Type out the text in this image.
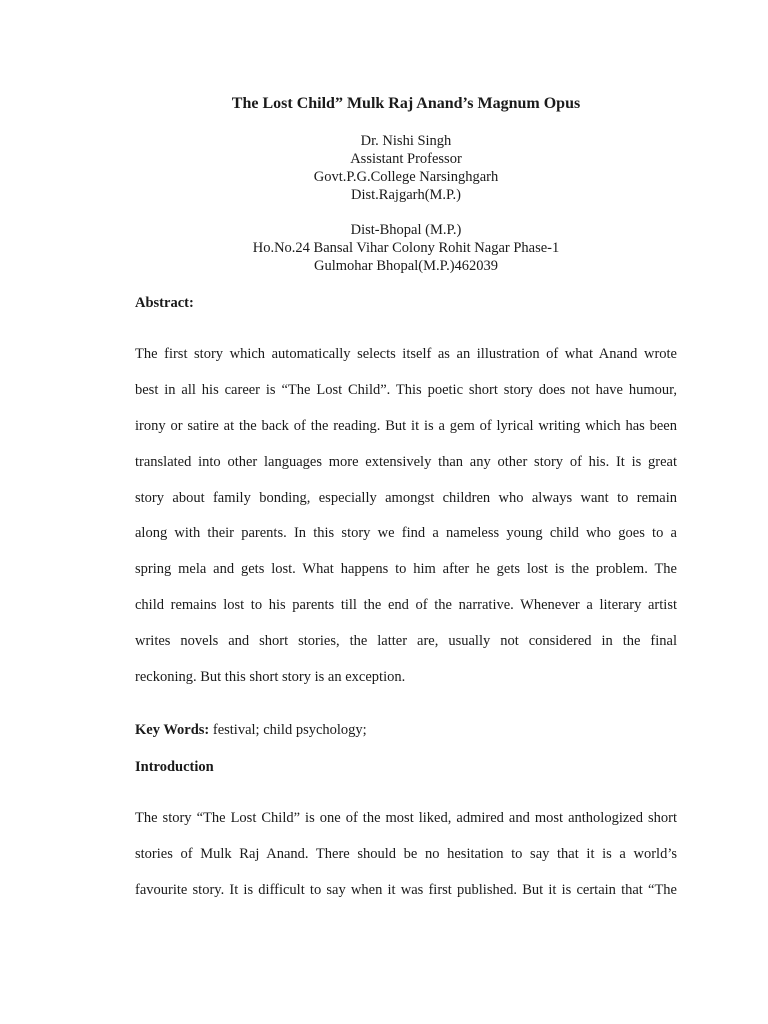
The Lost Child” Mulk Raj Anand’s Magnum Opus
Dr. Nishi Singh
Assistant Professor
Govt.P.G.College Narsinghgarh
Dist.Rajgarh(M.P.)
Dist-Bhopal (M.P.)
Ho.No.24 Bansal Vihar Colony Rohit Nagar Phase-1
Gulmohar Bhopal(M.P.)462039
Abstract:
The first story which automatically selects itself as an illustration of what Anand wrote
best in all his career is “The Lost Child”. This poetic short story does not have humour,
irony or satire at the back of the reading. But it is a gem of lyrical writing which has been
translated into other languages more extensively than any other story of his. It is great
story about family bonding, especially amongst children who always want to remain
along with their parents. In this story we find a nameless young child who goes to a
spring mela and gets lost. What happens to him after he gets lost is the problem. The
child remains lost to his parents till the end of the narrative. Whenever a literary artist
writes novels and short stories, the latter are, usually not considered in the final
reckoning. But this short story is an exception.
Key Words: festival; child psychology;
Introduction
The story “The Lost Child” is one of the most liked, admired and most anthologized short
stories of Mulk Raj Anand. There should be no hesitation to say that it is a world’s
favourite story. It is difficult to say when it was first published. But it is certain that “The
